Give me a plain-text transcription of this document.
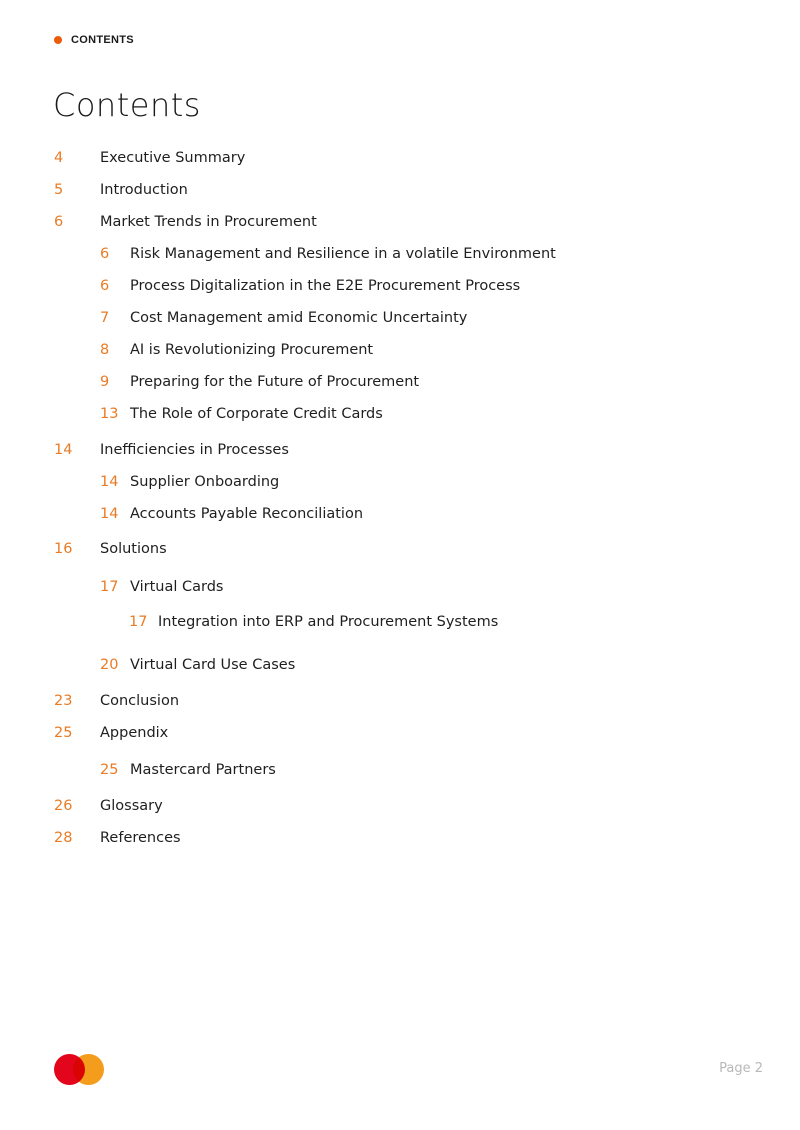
CONTENTS
Contents
4	Executive Summary
5	Introduction
6	Market Trends in Procurement
6	Risk Management and Resilience in a volatile Environment
6	Process Digitalization in the E2E Procurement Process
7	Cost Management amid Economic Uncertainty
8	AI is Revolutionizing Procurement
9	Preparing for the Future of Procurement
13 The Role of Corporate Credit Cards
14	Inefficiencies in Processes
14 Supplier Onboarding
14 Accounts Payable Reconciliation
16	Solutions
17 Virtual Cards
17 Integration into ERP and Procurement Systems
20 Virtual Card Use Cases
23	Conclusion
25	Appendix
25 Mastercard Partners
26	Glossary
28	References
Page 2
